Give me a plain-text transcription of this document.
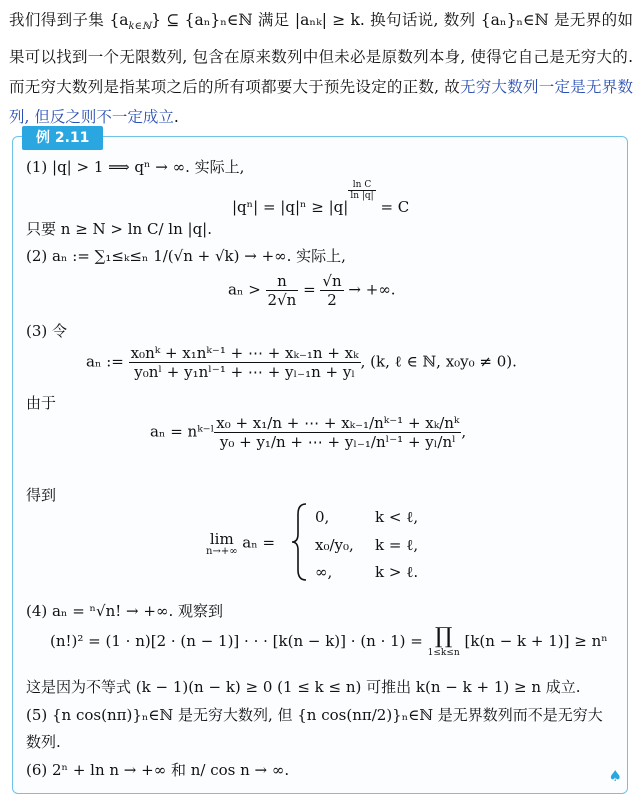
我们得到子集 $\{a_{k\in ℕ}\}$ ⊆ {aₙ}ₙ∈ℕ 满足 |aₙₖ| ≥ k. 换句话说, 数列 {aₙ}ₙ∈ℕ 是无界的如果可以找到一个无限数列, 包含在原来数列中但未必是原数列本身, 使得它自己是无穷大的. 而无穷大数列是指某项之后的所有项都要大于预先设定的正数, 故无穷大数列一定是无界数列, 但反之则不一定成立.
例 2.11
(1) |q| > 1 ⟹ qⁿ → ∞. 实际上,
|qⁿ| = |q|ⁿ ≥ |q|
$\frac{\text{ln C}}{\ln |q|}$
= C
只要 n ≥ N > ln C/ ln |q|.
(2) aₙ := ∑₁≤ₖ≤ₙ 1/(√n + √k) → +∞. 实际上,
$a_n > \frac{n}{2√n} = \frac{√n}{2}$ → +∞.
(3) 令
aₙ := $\frac{\text{x₀nᵏ + x₁nᵏ⁻¹ + ⋯ + xₖ₋₁n + xₖ}}{\text{y₀nˡ + y₁nˡ⁻¹ + ⋯ + yₗ₋₁n + yₗ}}$ , (k, ℓ ∈ ℕ, x₀y₀ ≠ 0).
由于
aₙ = nᵏ⁻ˡ $\frac{\text{x₀ + x₁/n + ⋯ + xₖ₋₁/nᵏ⁻¹ + xₖ/nᵏ}}{\text{y₀ + y₁/n + ⋯ + yₗ₋₁/nˡ⁻¹ + yₗ/nˡ}}$ ,
得到
lim
n→+∞ aₙ =
0,	k < ℓ,
x₀/y₀, k = ℓ,
∞,	k > ℓ.
(4) aₙ = ⁿ√n! → +∞. 观察到
(n!)² = (1 · n)[2 · (n − 1)] · · · [k(n − k)] · (n · 1) = ∏
1≤k≤n
[k(n − k + 1)] ≥ nⁿ
这是因为不等式 (k − 1)(n − k) ≥ 0 (1 ≤ k ≤ n) 可推出 k(n − k + 1) ≥ n 成立.
(5) {n cos(nπ)}ₙ∈ℕ 是无穷大数列, 但 {n cos(nπ/2)}ₙ∈ℕ 是无界数列而不是无穷大
数列.
(6) 2ⁿ + ln n → +∞ 和 n/ cos n → ∞.	♠
